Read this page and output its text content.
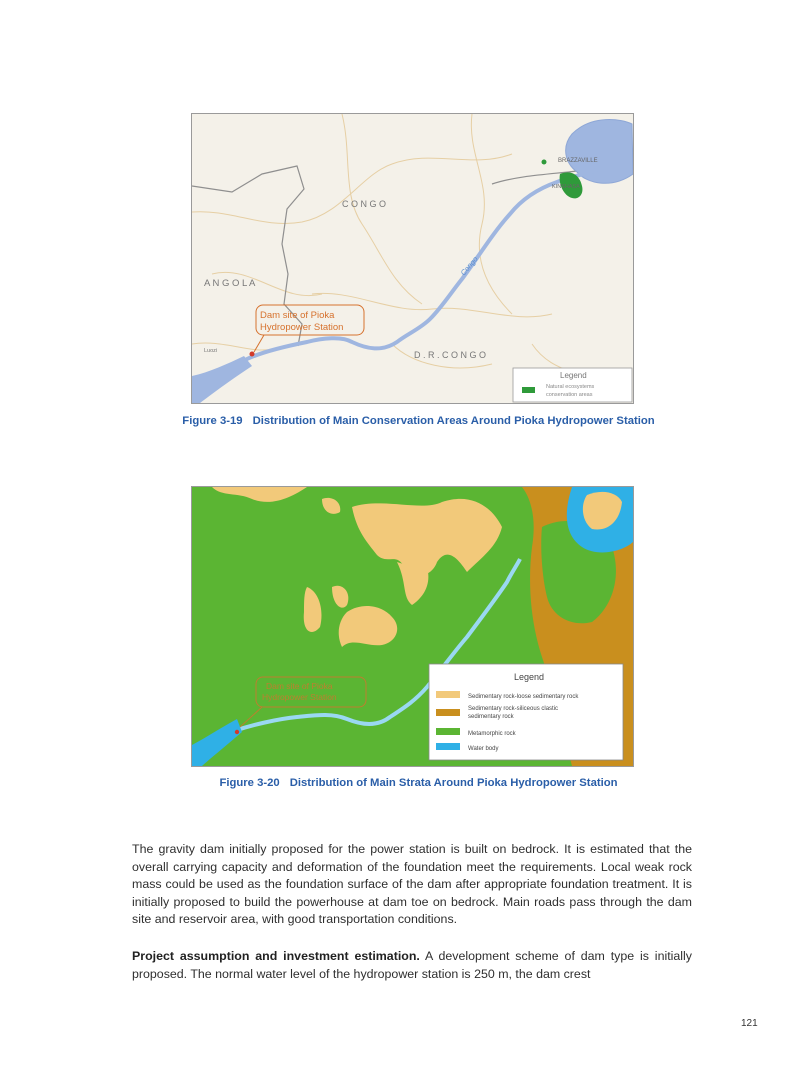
BRAZZAVILLE
KINSHASA
C O N G O
A N G O L A
Congo
Luozi	D . R . C O N G O
Dam site of Pioka
Hydropower Station
Legend
Natural ecosystems
conservation areas
Figure 3-19 Distribution of Main Conservation Areas Around Pioka Hydropower Station
Dam site of Pioka
Hydropower Station
Legend
Sedimentary rock-loose sedimentary rock
Sedimentary rock-siliceous clastic
sedimentary rock
Metamorphic rock
Water body
Figure 3-20 Distribution of Main Strata Around Pioka Hydropower Station

The gravity dam initially proposed for the power station is built on bedrock. It is estimated that the overall carrying capacity and deformation of the foundation meet the requirements. Local weak rock mass could be used as the foundation surface of the dam after appropriate foundation treatment. It is initially proposed to build the powerhouse at dam toe on bedrock. Main roads pass through the dam site and reservoir area, with good transportation conditions.

Project assumption and investment estimation. A development scheme of dam type is initially proposed. The normal water level of the hydropower station is 250 m, the dam crest

121
